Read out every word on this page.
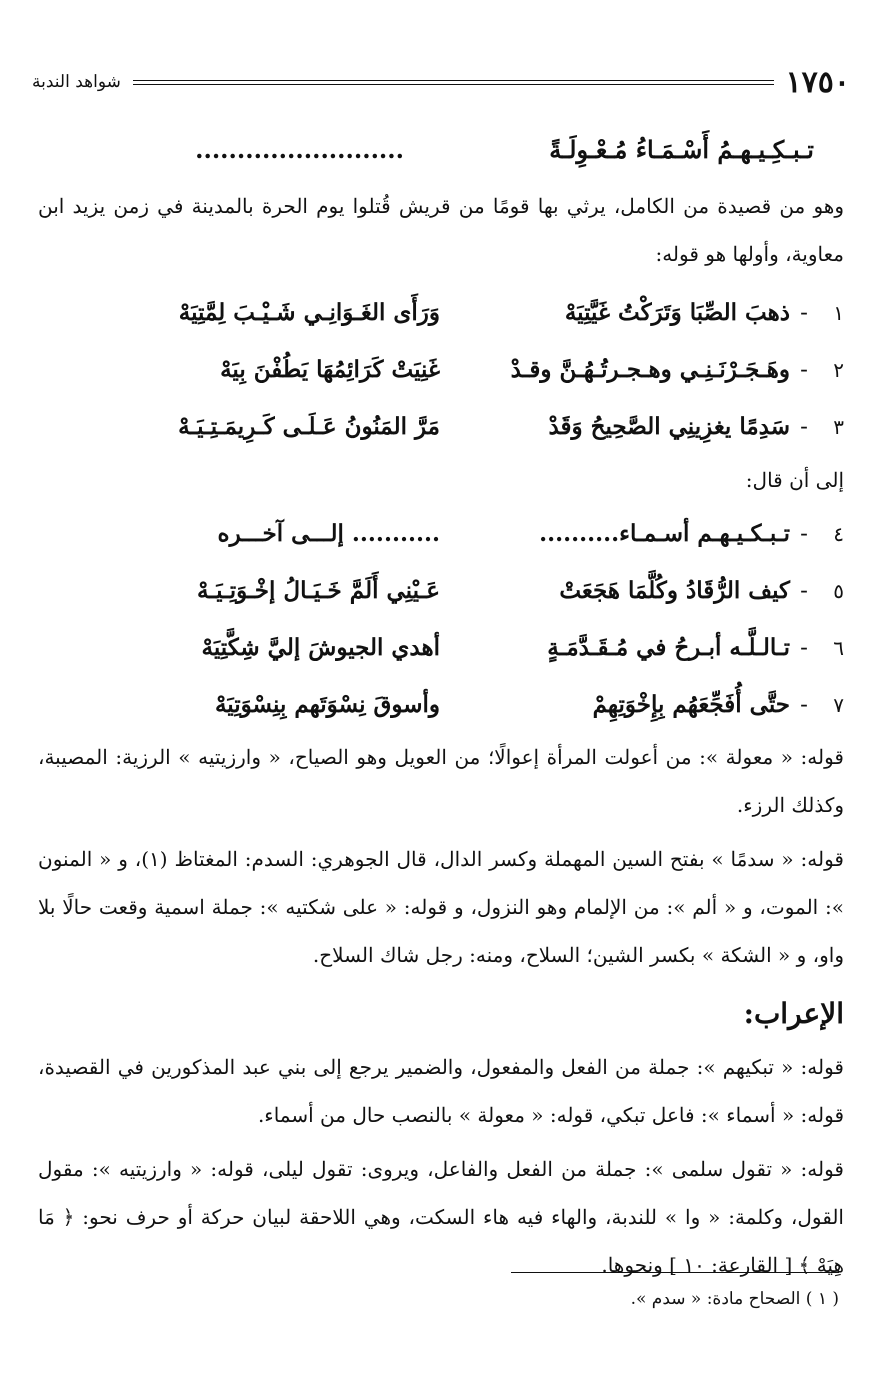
١٧٥٠
شواهد الندبة
تـبـكِـيـهـمُ أَسْـمَـاءُ مُـعْـوِلَـةً
.........................

وهو من قصيدة من الكامل، يرثي بها قومًا من قريش قُتلوا يوم الحرة بالمدينة في زمن يزيد ابن معاوية، وأولها هو قوله:

١
-
ذهبَ الصِّبَا وَتَرَكْتُ غَيَّتِيَهْ
وَرَأَى الغَـوَانِـي شَـيْـبَ لِمَّتِيَهْ
٢
-
وهَـجَـرْنَـنِـي وهـجـرتُـهُـنَّ وقـدْ
غَنِيَتْ كَرَائِمُهَا يَطُفْنَ بِيَهْ
٣
-
سَدِمًا يغزِينِي الصَّحِيحُ وَقَدْ
مَرَّ المَنُونُ عَـلَـى كَـرِيمَـتِـيَـهْ
إلى أن قال:
٤
-
تـبـكـيـهـم أسـمـاء..........
........... إلـــى آخـــره
٥
-
كيف الرُّقَادُ وكُلَّمَا هَجَعَتْ
عَـيْنِي أَلَمَّ خَـيَـالُ إخْـوَتِـيَـهْ
٦
-
تـالـلَّـه أبـرحُ في مُـقَـدَّمَـةٍ
أهدي الجيوشَ إليَّ شِكَّتِيَهْ
٧
-
حتَّى أُفَجِّعَهُم بِإِخْوَتِهِمْ
وأسوقَ نِسْوَتَهم بِنِسْوَتِيَهْ

قوله: « معولة »: من أعولت المرأة إعوالًا؛ من العويل وهو الصياح، « وارزيتيه » الرزية: المصيبة، وكذلك الرزء.

قوله: « سدمًا » بفتح السين المهملة وكسر الدال، قال الجوهري: السدم: المغتاظ (١)، و « المنون »: الموت، و « ألم »: من الإلمام وهو النزول، و قوله: « على شكتيه »: جملة اسمية وقعت حالًا بلا واو، و « الشكة » بكسر الشين؛ السلاح، ومنه: رجل شاك السلاح.

الإعراب:

قوله: « تبكيهم »: جملة من الفعل والمفعول، والضمير يرجع إلى بني عبد المذكورين في القصيدة، قوله: « أسماء »: فاعل تبكي، قوله: « معولة » بالنصب حال من أسماء.

قوله: « تقول سلمى »: جملة من الفعل والفاعل، ويروى: تقول ليلى، قوله: « وارزيتيه »: مقول القول، وكلمة: « وا » للندبة، والهاء فيه هاء السكت، وهي اللاحقة لبيان حركة أو حرف نحو: ﴿ مَا هِيَهْ ﴾ [ القارعة: ١٠ ] ونحوها.

( ١ ) الصحاح مادة: « سدم ».
